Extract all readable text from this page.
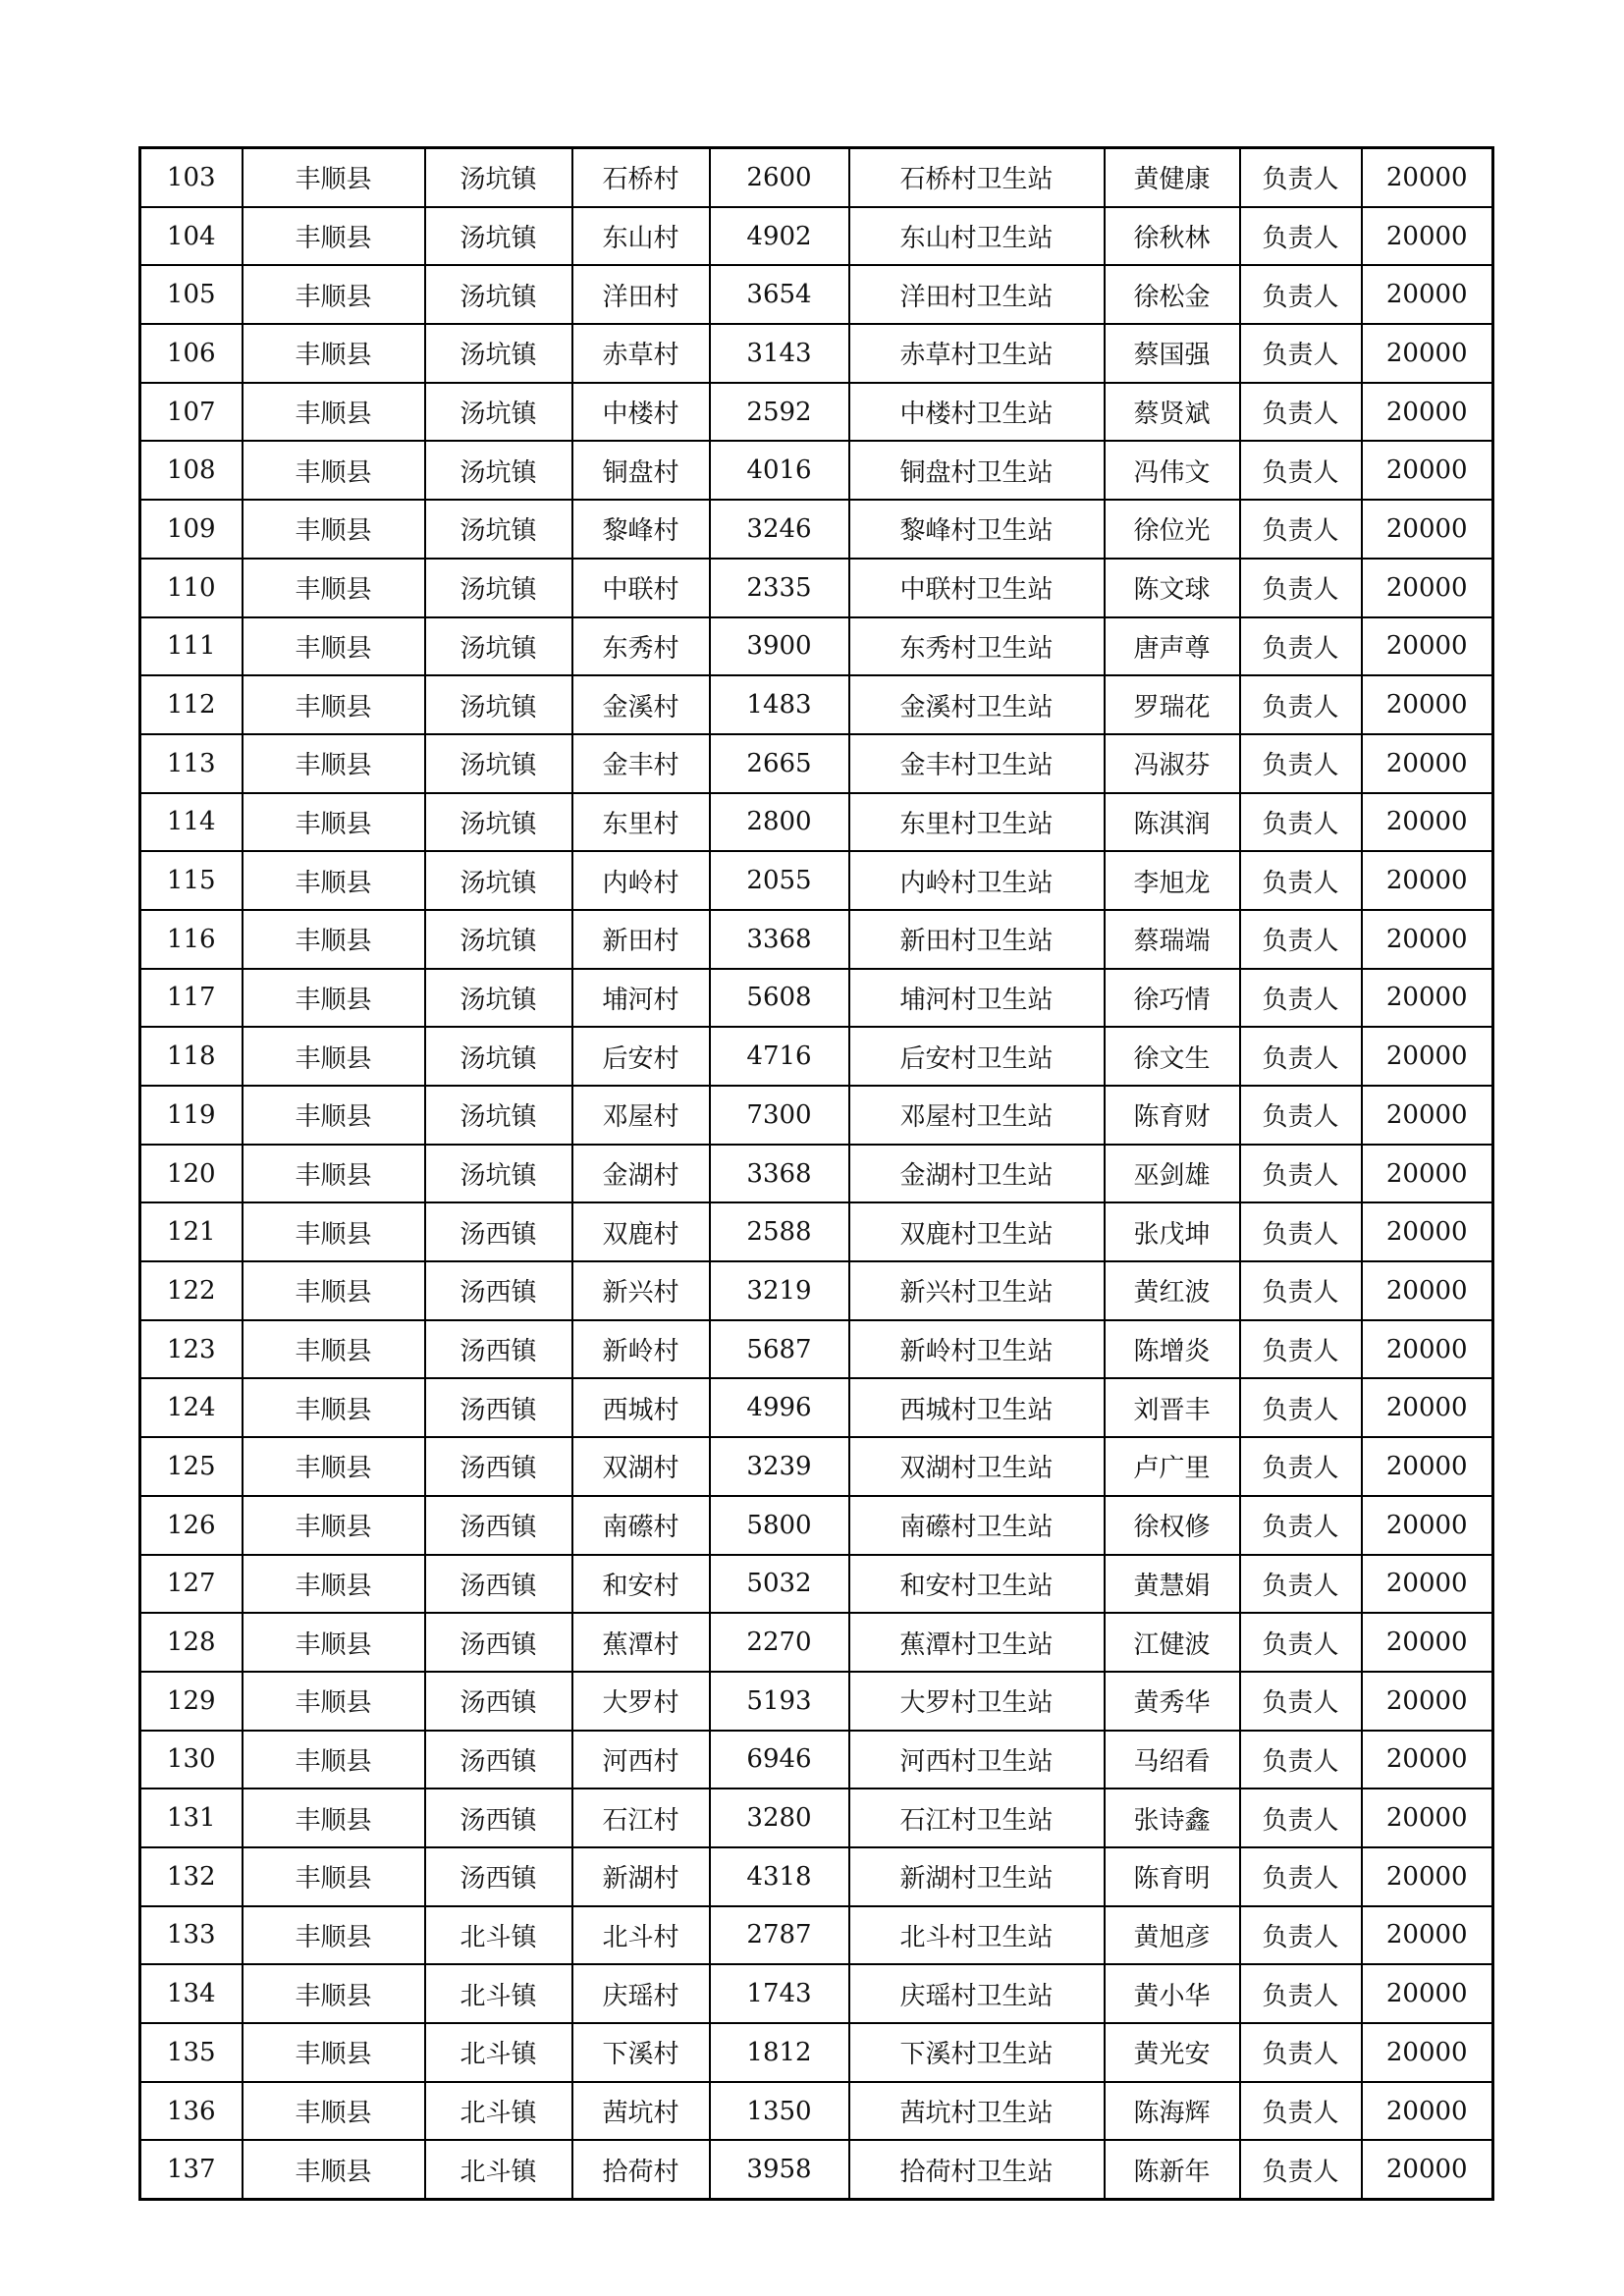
103	丰顺县	汤坑镇	石桥村	2600	石桥村卫生站	黄健康	负责人	20000
104	丰顺县	汤坑镇	东山村	4902	东山村卫生站	徐秋林	负责人	20000
105	丰顺县	汤坑镇	洋田村	3654	洋田村卫生站	徐松金	负责人	20000
106	丰顺县	汤坑镇	赤草村	3143	赤草村卫生站	蔡国强	负责人	20000
107	丰顺县	汤坑镇	中楼村	2592	中楼村卫生站	蔡贤斌	负责人	20000
108	丰顺县	汤坑镇	铜盘村	4016	铜盘村卫生站	冯伟文	负责人	20000
109	丰顺县	汤坑镇	黎峰村	3246	黎峰村卫生站	徐位光	负责人	20000
110	丰顺县	汤坑镇	中联村	2335	中联村卫生站	陈文球	负责人	20000
111	丰顺县	汤坑镇	东秀村	3900	东秀村卫生站	唐声尊	负责人	20000
112	丰顺县	汤坑镇	金溪村	1483	金溪村卫生站	罗瑞花	负责人	20000
113	丰顺县	汤坑镇	金丰村	2665	金丰村卫生站	冯淑芬	负责人	20000
114	丰顺县	汤坑镇	东里村	2800	东里村卫生站	陈淇润	负责人	20000
115	丰顺县	汤坑镇	内岭村	2055	内岭村卫生站	李旭龙	负责人	20000
116	丰顺县	汤坑镇	新田村	3368	新田村卫生站	蔡瑞端	负责人	20000
117	丰顺县	汤坑镇	埔河村	5608	埔河村卫生站	徐巧情	负责人	20000
118	丰顺县	汤坑镇	后安村	4716	后安村卫生站	徐文生	负责人	20000
119	丰顺县	汤坑镇	邓屋村	7300	邓屋村卫生站	陈育财	负责人	20000
120	丰顺县	汤坑镇	金湖村	3368	金湖村卫生站	巫剑雄	负责人	20000
121	丰顺县	汤西镇	双鹿村	2588	双鹿村卫生站	张戊坤	负责人	20000
122	丰顺县	汤西镇	新兴村	3219	新兴村卫生站	黄红波	负责人	20000
123	丰顺县	汤西镇	新岭村	5687	新岭村卫生站	陈增炎	负责人	20000
124	丰顺县	汤西镇	西城村	4996	西城村卫生站	刘晋丰	负责人	20000
125	丰顺县	汤西镇	双湖村	3239	双湖村卫生站	卢广里	负责人	20000
126	丰顺县	汤西镇	南礤村	5800	南礤村卫生站	徐权修	负责人	20000
127	丰顺县	汤西镇	和安村	5032	和安村卫生站	黄慧娟	负责人	20000
128	丰顺县	汤西镇	蕉潭村	2270	蕉潭村卫生站	江健波	负责人	20000
129	丰顺县	汤西镇	大罗村	5193	大罗村卫生站	黄秀华	负责人	20000
130	丰顺县	汤西镇	河西村	6946	河西村卫生站	马绍看	负责人	20000
131	丰顺县	汤西镇	石江村	3280	石江村卫生站	张诗鑫	负责人	20000
132	丰顺县	汤西镇	新湖村	4318	新湖村卫生站	陈育明	负责人	20000
133	丰顺县	北斗镇	北斗村	2787	北斗村卫生站	黄旭彦	负责人	20000
134	丰顺县	北斗镇	庆瑶村	1743	庆瑶村卫生站	黄小华	负责人	20000
135	丰顺县	北斗镇	下溪村	1812	下溪村卫生站	黄光安	负责人	20000
136	丰顺县	北斗镇	茜坑村	1350	茜坑村卫生站	陈海辉	负责人	20000
137	丰顺县	北斗镇	拾荷村	3958	拾荷村卫生站	陈新年	负责人	20000
